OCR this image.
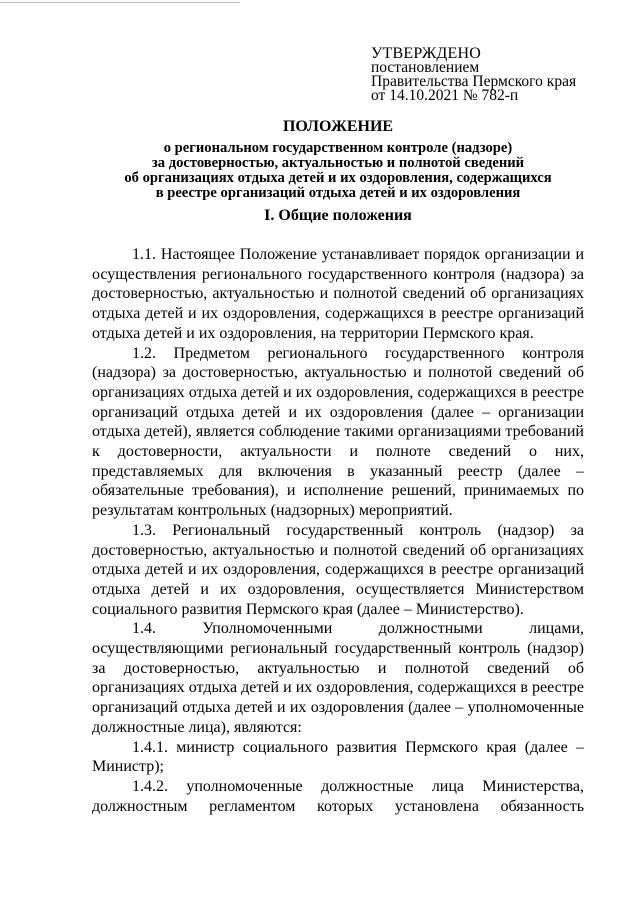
УТВЕРЖДЕНО
постановлением
Правительства Пермского края
от 14.10.2021 № 782-п
ПОЛОЖЕНИЕ
о региональном государственном контроле (надзоре)
за достоверностью, актуальностью и полнотой сведений
об организациях отдыха детей и их оздоровления, содержащихся
в реестре организаций отдыха детей и их оздоровления
I. Общие положения

1.1. Настоящее Положение устанавливает порядок организации и осуществления регионального государственного контроля (надзора) за достоверностью, актуальностью и полнотой сведений об организациях отдыха детей и их оздоровления, содержащихся в реестре организаций отдыха детей и их оздоровления, на территории Пермского края.

1.2. Предметом регионального государственного контроля (надзора) за достоверностью, актуальностью и полнотой сведений об организациях отдыха детей и их оздоровления, содержащихся в реестре организаций отдыха детей и их оздоровления (далее – организации отдыха детей), является соблюдение такими организациями требований к достоверности, актуальности и полноте сведений о них, представляемых для включения в указанный реестр (далее – обязательные требования), и исполнение решений, принимаемых по результатам контрольных (надзорных) мероприятий.

1.3. Региональный государственный контроль (надзор) за достоверностью, актуальностью и полнотой сведений об организациях отдыха детей и их оздоровления, содержащихся в реестре организаций отдыха детей и их оздоровления, осуществляется Министерством социального развития Пермского края (далее – Министерство).

1.4. Уполномоченными должностными лицами, осуществляющими региональный государственный контроль (надзор) за достоверностью, актуальностью и полнотой сведений об организациях отдыха детей и их оздоровления, содержащихся в реестре организаций отдыха детей и их оздоровления (далее – уполномоченные должностные лица), являются:

1.4.1. министр социального развития Пермского края (далее – Министр);

1.4.2. уполномоченные должностные лица Министерства, должностным регламентом которых установлена обязанность
